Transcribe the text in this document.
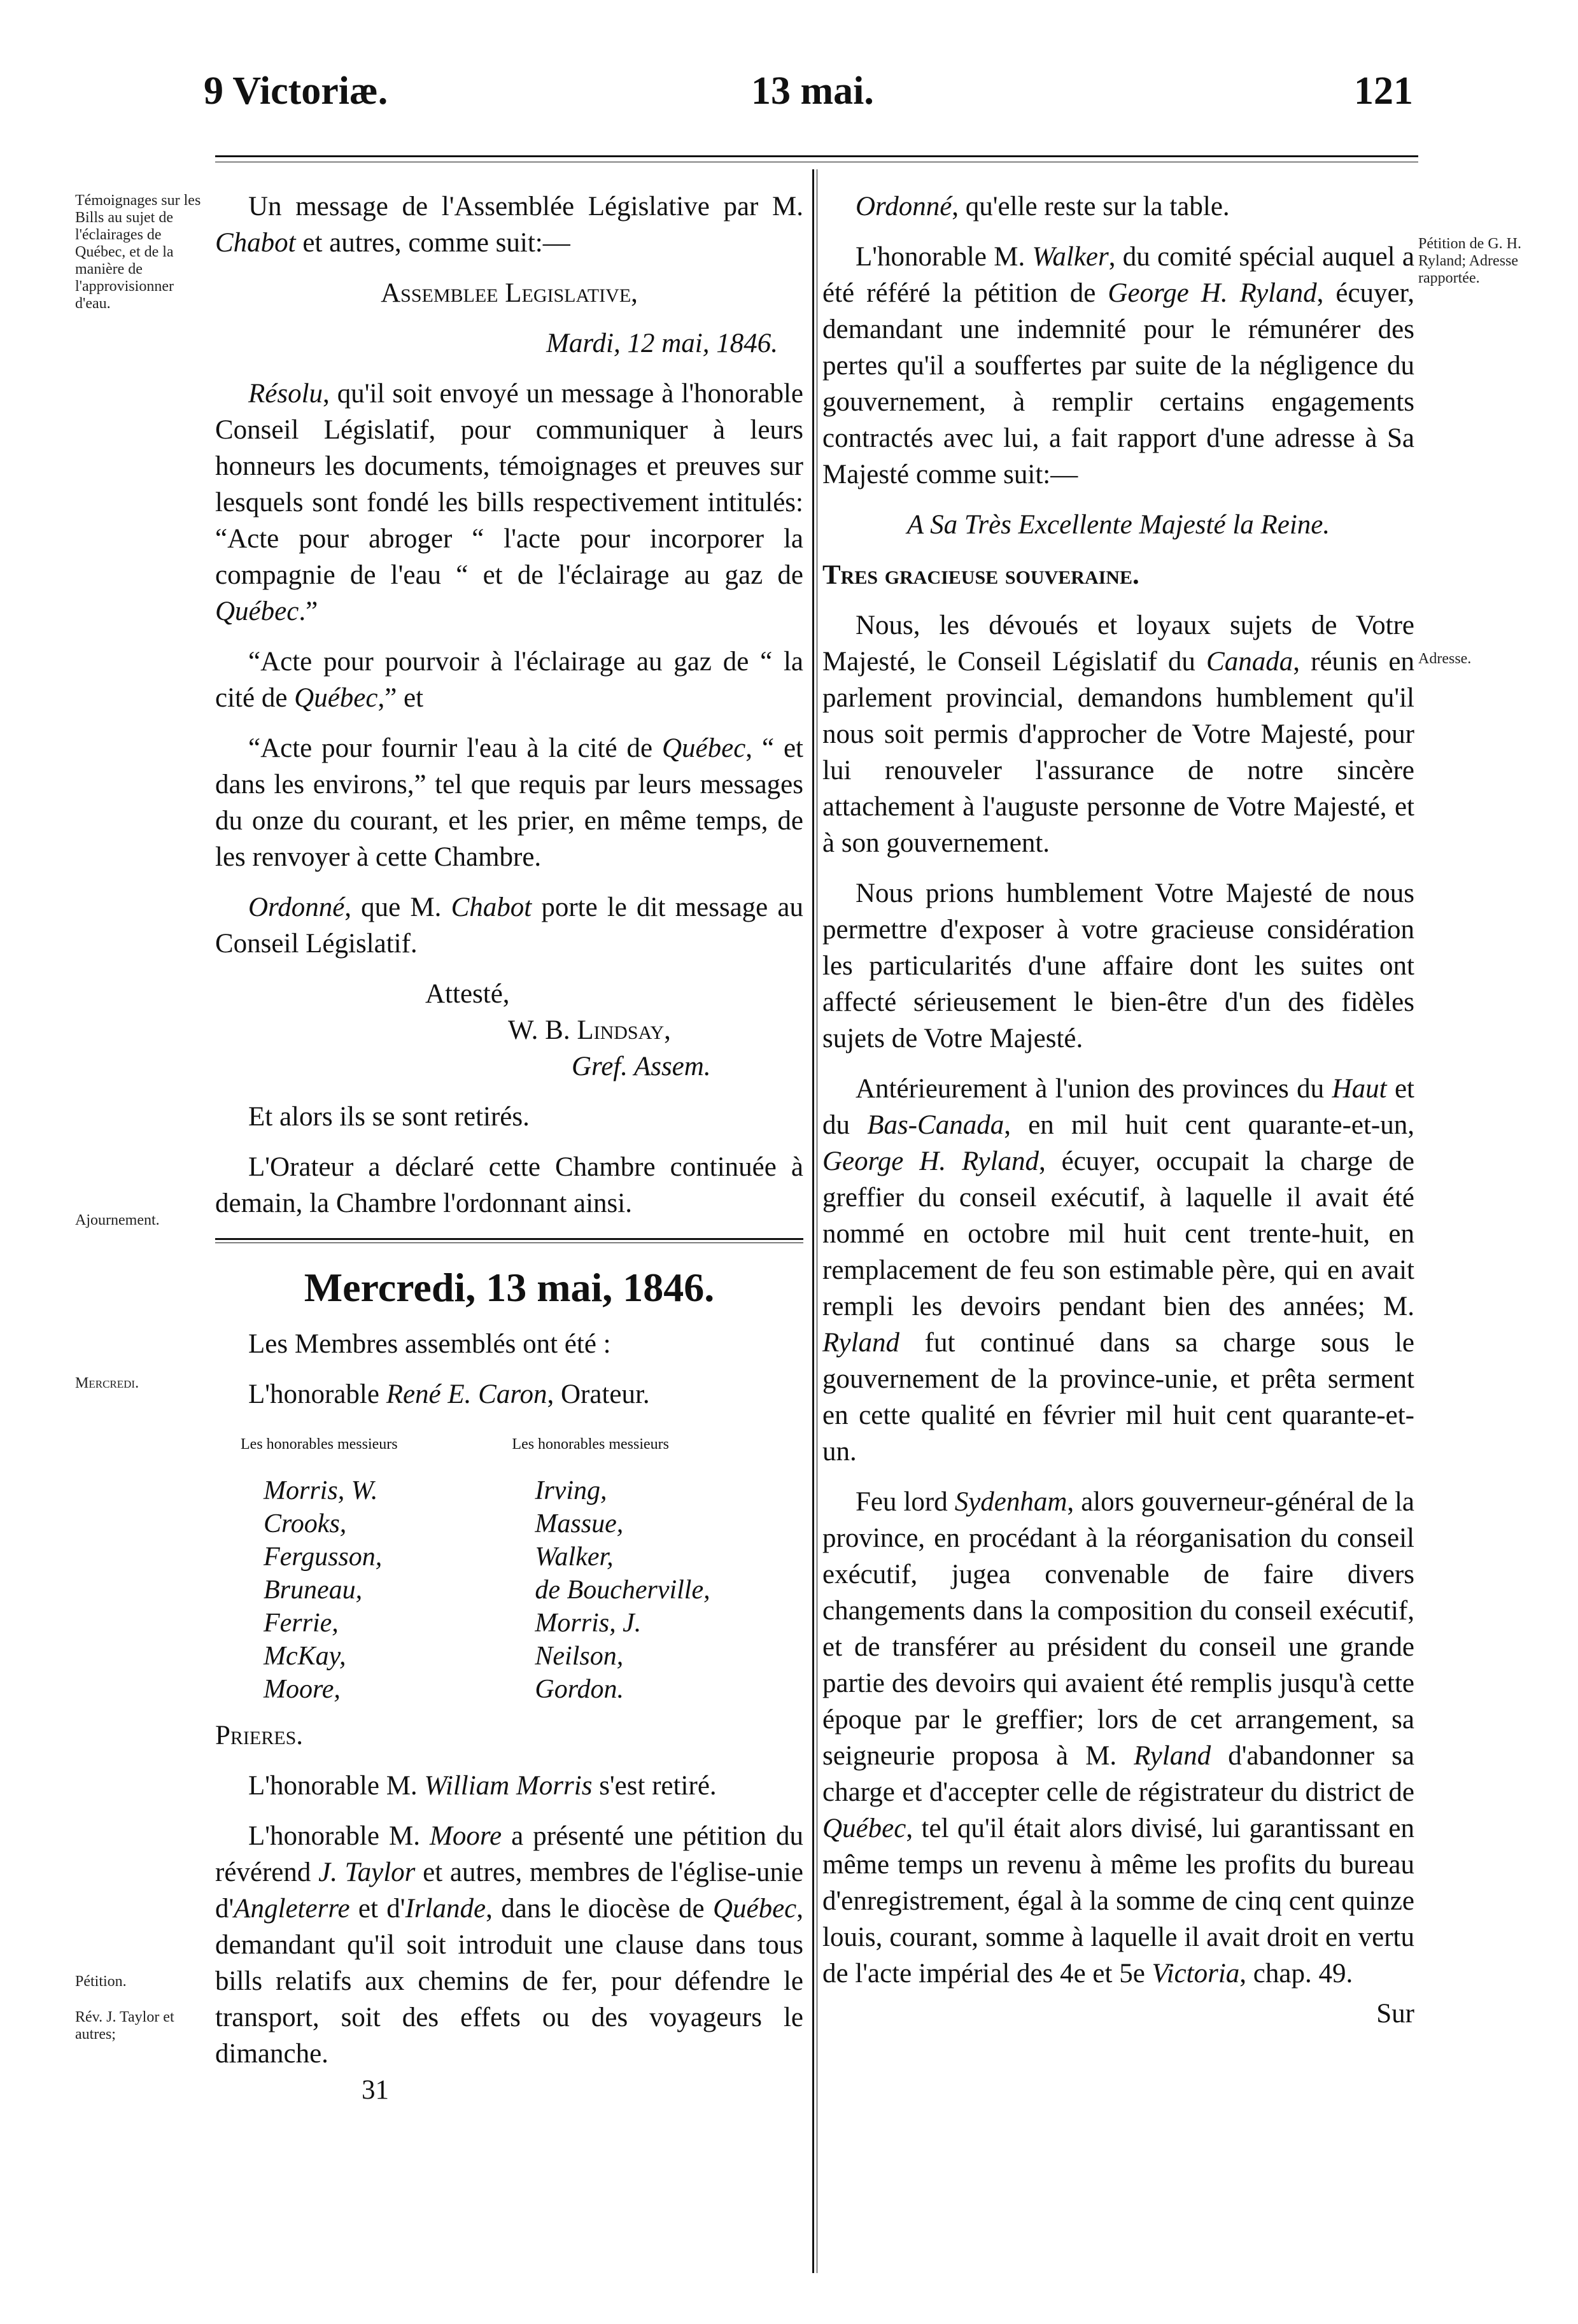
9 Victoriæ.	13 mai.	121
Témoignages sur les Bills au sujet de l'éclairages de Québec, et de la manière de l'approvisionner d'eau.
Ajournement.
Mercredi.
Pétition.
Rév. J. Taylor et autres;
Pétition de G. H. Ryland; Adresse rapportée.
Adresse.

Un message de l'Assemblée Législative par M. Chabot et autres, comme suit:—

Assemblee Legislative,

Mardi, 12 mai, 1846.

Résolu, qu'il soit envoyé un message à l'honorable Conseil Législatif, pour communiquer à leurs honneurs les documents, témoignages et preuves sur lesquels sont fondé les bills respectivement intitulés: “Acte pour abroger “ l'acte pour incorporer la compagnie de l'eau “ et de l'éclairage au gaz de Québec.”

“Acte pour pourvoir à l'éclairage au gaz de “ la cité de Québec,” et

“Acte pour fournir l'eau à la cité de Québec, “ et dans les environs,” tel que requis par leurs messages du onze du courant, et les prier, en même temps, de les renvoyer à cette Chambre.

Ordonné, que M. Chabot porte le dit message au Conseil Législatif.

Attesté,

W. B. Lindsay,

Gref. Assem.

Et alors ils se sont retirés.

L'Orateur a déclaré cette Chambre continuée à demain, la Chambre l'ordonnant ainsi.

Mercredi, 13 mai, 1846.

Les Membres assemblés ont été :

L'honorable René E. Caron, Orateur.

Les honorables messieurs
Morris, W.
Crooks,
Fergusson,
Bruneau,
Ferrie,
McKay,
Moore,
Les honorables messieurs
Irving,
Massue,
Walker,
de Boucherville,
Morris, J.
Neilson,
Gordon.

Prieres.

L'honorable M. William Morris s'est retiré.

L'honorable M. Moore a présenté une pétition du révérend J. Taylor et autres, membres de l'église-unie d'Angleterre et d'Irlande, dans le diocèse de Québec, demandant qu'il soit introduit une clause dans tous bills relatifs aux chemins de fer, pour défendre le transport, soit des effets ou des voyageurs le dimanche.

31

Ordonné, qu'elle reste sur la table.

L'honorable M. Walker, du comité spécial auquel a été référé la pétition de George H. Ryland, écuyer, demandant une indemnité pour le rémunérer des pertes qu'il a souffertes par suite de la négligence du gouvernement, à remplir certains engagements contractés avec lui, a fait rapport d'une adresse à Sa Majesté comme suit:—

A Sa Très Excellente Majesté la Reine.

Tres gracieuse souveraine.

Nous, les dévoués et loyaux sujets de Votre Majesté, le Conseil Législatif du Canada, réunis en parlement provincial, demandons humblement qu'il nous soit permis d'approcher de Votre Majesté, pour lui renouveler l'assurance de notre sincère attachement à l'auguste personne de Votre Majesté, et à son gouvernement.

Nous prions humblement Votre Majesté de nous permettre d'exposer à votre gracieuse considération les particularités d'une affaire dont les suites ont affecté sérieusement le bien-être d'un des fidèles sujets de Votre Majesté.

Antérieurement à l'union des provinces du Haut et du Bas-Canada, en mil huit cent quarante-et-un, George H. Ryland, écuyer, occupait la charge de greffier du conseil exécutif, à laquelle il avait été nommé en octobre mil huit cent trente-huit, en remplacement de feu son estimable père, qui en avait rempli les devoirs pendant bien des années; M. Ryland fut continué dans sa charge sous le gouvernement de la province-unie, et prêta serment en cette qualité en février mil huit cent quarante-et-un.

Feu lord Sydenham, alors gouverneur-général de la province, en procédant à la réorganisation du conseil exécutif, jugea convenable de faire divers changements dans la composition du conseil exécutif, et de transférer au président du conseil une grande partie des devoirs qui avaient été remplis jusqu'à cette époque par le greffier; lors de cet arrangement, sa seigneurie proposa à M. Ryland d'abandonner sa charge et d'accepter celle de régistrateur du district de Québec, tel qu'il était alors divisé, lui garantissant en même temps un revenu à même les profits du bureau d'enregistrement, égal à la somme de cinq cent quinze louis, courant, somme à laquelle il avait droit en vertu de l'acte impérial des 4e et 5e Victoria, chap. 49.

Sur
